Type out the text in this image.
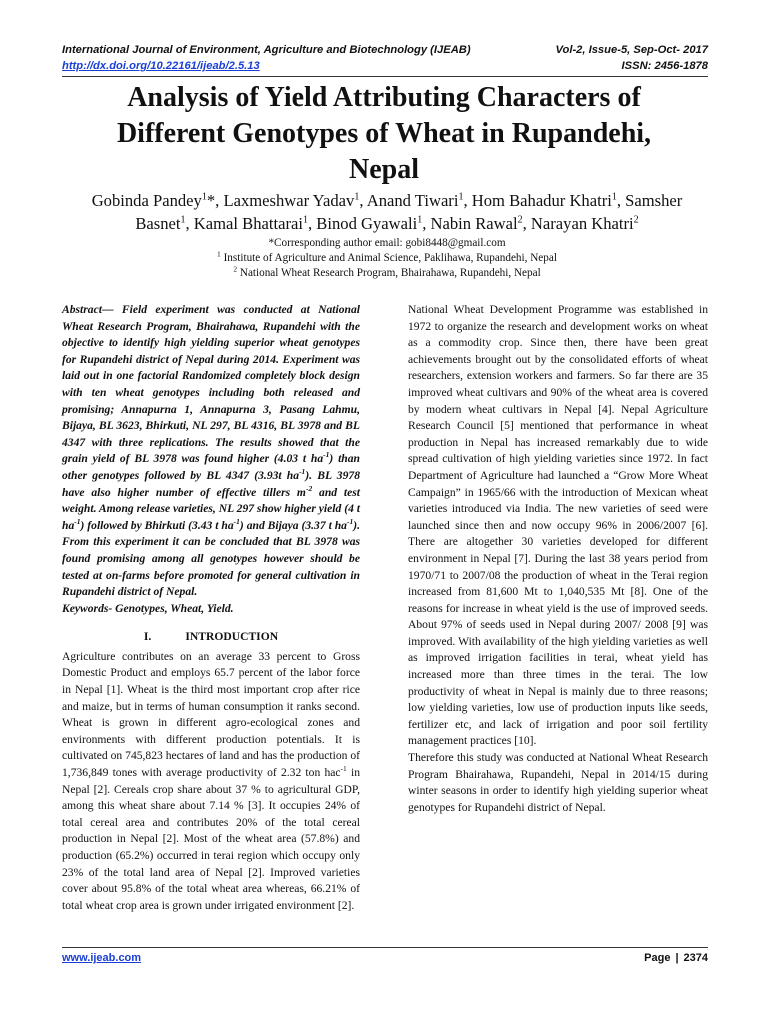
International Journal of Environment, Agriculture and Biotechnology (IJEAB)	Vol-2, Issue-5, Sep-Oct- 2017
http://dx.doi.org/10.22161/ijeab/2.5.13	ISSN: 2456-1878
Analysis of Yield Attributing Characters of
Different Genotypes of Wheat in Rupandehi,
Nepal
Gobinda Pandey$^1$*, Laxmeshwar Yadav$^1$, Anand Tiwari$^1$, Hom Bahadur Khatri$^1$, Samsher Basnet$^1$, Kamal Bhattarai$^1$, Binod Gyawali$^1$, Nabin Rawal$^2$, Narayan Khatri$^2$
*Corresponding author email: gobi8448@gmail.com
$^1$ Institute of Agriculture and Animal Science, Paklihawa, Rupandehi, Nepal
$^2$ National Wheat Research Program, Bhairahawa, Rupandehi, Nepal

Abstract— Field experiment was conducted at National Wheat Research Program, Bhairahawa, Rupandehi with the objective to identify high yielding superior wheat genotypes for Rupandehi district of Nepal during 2014. Experiment was laid out in one factorial Randomized completely block design with ten wheat genotypes including both released and promising; Annapurna 1, Annapurna 3, Pasang Lahmu, Bijaya, BL 3623, Bhirkuti, NL 297, BL 4316, BL 3978 and BL 4347 with three replications. The results showed that the grain yield of BL 3978 was found higher (4.03 t $ha^{-1}$) than other genotypes followed by BL 4347 (3.93t $ha^{-1}$). BL 3978 have also higher number of effective tillers $m^{-2}$ and test weight. Among release varieties, NL 297 show higher yield (4 t $ha^{-1}$) followed by Bhirkuti (3.43 t $ha^{-1}$) and Bijaya (3.37 t $ha^{-1}$). From this experiment it can be concluded that BL 3978 was found promising among all genotypes however should be tested at on-farms before promoted for general cultivation in Rupandehi district of Nepal.

Keywords- Genotypes, Wheat, Yield.

I.	INTRODUCTION

Agriculture contributes on an average 33 percent to Gross Domestic Product and employs 65.7 percent of the labor force in Nepal [1]. Wheat is the third most important crop after rice and maize, but in terms of human consumption it ranks second. Wheat is grown in different agro-ecological zones and environments with different production potentials. It is cultivated on 745,823 hectares of land and has the production of 1,736,849 tones with average productivity of 2.32 ton hac$^{-1}$ in Nepal [2]. Cereals crop share about 37 % to agricultural GDP, among this wheat share about 7.14 % [3]. It occupies 24% of total cereal area and contributes 20% of the total cereal production in Nepal [2]. Most of the wheat area (57.8%) and production (65.2%) occurred in terai region which occupy only 23% of the total land area of Nepal [2]. Improved varieties cover about 95.8% of the total wheat area whereas, 66.21% of total wheat crop area is grown under irrigated environment [2].

National Wheat Development Programme was established in 1972 to organize the research and development works on wheat as a commodity crop. Since then, there have been great achievements brought out by the consolidated efforts of wheat researchers, extension workers and farmers. So far there are 35 improved wheat cultivars and 90% of the wheat area is covered by modern wheat cultivars in Nepal [4]. Nepal Agriculture Research Council [5] mentioned that performance in wheat production in Nepal has increased remarkably due to wide spread cultivation of high yielding varieties since 1972. In fact Department of Agriculture had launched a “Grow More Wheat Campaign” in 1965/66 with the introduction of Mexican wheat varieties introduced via India. The new varieties of seed were launched since then and now occupy 96% in 2006/2007 [6]. There are altogether 30 varieties developed for different environment in Nepal [7]. During the last 38 years period from 1970/71 to 2007/08 the production of wheat in the Terai region increased from 81,600 Mt to 1,040,535 Mt [8]. One of the reasons for increase in wheat yield is the use of improved seeds. About 97% of seeds used in Nepal during 2007/ 2008 [9] was improved. With availability of the high yielding varieties as well as improved irrigation facilities in terai, wheat yield has increased more than three times in the terai. The low productivity of wheat in Nepal is mainly due to three reasons; low yielding varieties, low use of production inputs like seeds, fertilizer etc, and lack of irrigation and poor soil fertility management practices [10].

Therefore this study was conducted at National Wheat Research Program Bhairahawa, Rupandehi, Nepal in 2014/15 during winter seasons in order to identify high yielding superior wheat genotypes for Rupandehi district of Nepal.

www.ijeab.com	Page | 2374
